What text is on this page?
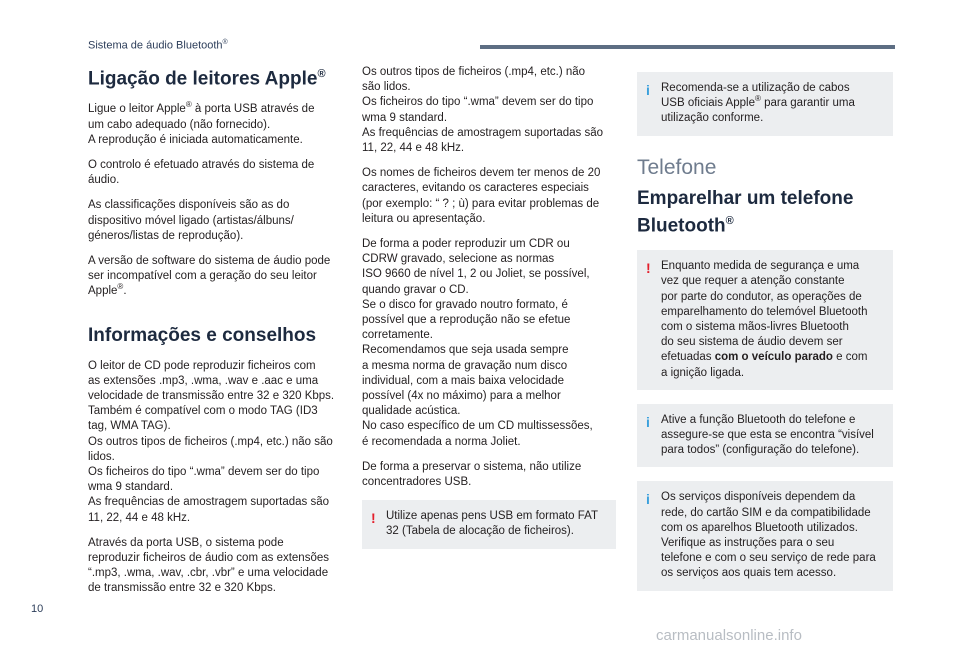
Sistema de áudio Bluetooth®
Ligação de leitores Apple®

Ligue o leitor Apple® à porta USB através de
um cabo adequado (não fornecido).
A reprodução é iniciada automaticamente.

O controlo é efetuado através do sistema de
áudio.

As classificações disponíveis são as do
dispositivo móvel ligado (artistas/álbuns/
géneros/listas de reprodução).

A versão de software do sistema de áudio pode
ser incompatível com a geração do seu leitor
Apple®.

Informações e conselhos

O leitor de CD pode reproduzir ficheiros com
as extensões .mp3, .wma, .wav e .aac e uma
velocidade de transmissão entre 32 e 320 Kbps.
Também é compatível com o modo TAG (ID3
tag, WMA TAG).
Os outros tipos de ficheiros (.mp4, etc.) não são
lidos.
Os ficheiros do tipo “.wma” devem ser do tipo
wma 9 standard.
As frequências de amostragem suportadas são
11, 22, 44 e 48 kHz.

Através da porta USB, o sistema pode
reproduzir ficheiros de áudio com as extensões
“.mp3, .wma, .wav, .cbr, .vbr” e uma velocidade
de transmissão entre 32 e 320 Kbps.

Os outros tipos de ficheiros (.mp4, etc.) não
são lidos.
Os ficheiros do tipo “.wma” devem ser do tipo
wma 9 standard.
As frequências de amostragem suportadas são
11, 22, 44 e 48 kHz.

Os nomes de ficheiros devem ter menos de 20
caracteres, evitando os caracteres especiais
(por exemplo: “ ? ; ù) para evitar problemas de
leitura ou apresentação.

De forma a poder reproduzir um CDR ou
CDRW gravado, selecione as normas
ISO 9660 de nível 1, 2 ou Joliet, se possível,
quando gravar o CD.
Se o disco for gravado noutro formato, é
possível que a reprodução não se efetue
corretamente.
Recomendamos que seja usada sempre
a mesma norma de gravação num disco
individual, com a mais baixa velocidade
possível (4x no máximo) para a melhor
qualidade acústica.
No caso específico de um CD multissessões,
é recomendada a norma Joliet.

De forma a preservar o sistema, não utilize
concentradores USB.

! Utilize apenas pens USB em formato FAT
32 (Tabela de alocação de ficheiros).

i Recomenda-se a utilização de cabos
USB oficiais Apple® para garantir uma
utilização conforme.

Telefone
Emparelhar um telefone
Bluetooth®
! Enquanto medida de segurança e uma
vez que requer a atenção constante
por parte do condutor, as operações de
emparelhamento do telemóvel Bluetooth
com o sistema mãos-livres Bluetooth
do seu sistema de áudio devem ser
efetuadas com o veículo parado e com
a ignição ligada.

i Ative a função Bluetooth do telefone e
assegure-se que esta se encontra “visível
para todos” (configuração do telefone).

i Os serviços disponíveis dependem da
rede, do cartão SIM e da compatibilidade
com os aparelhos Bluetooth utilizados.
Verifique as instruções para o seu
telefone e com o seu serviço de rede para
os serviços aos quais tem acesso.

10
carmanualsonline.info
